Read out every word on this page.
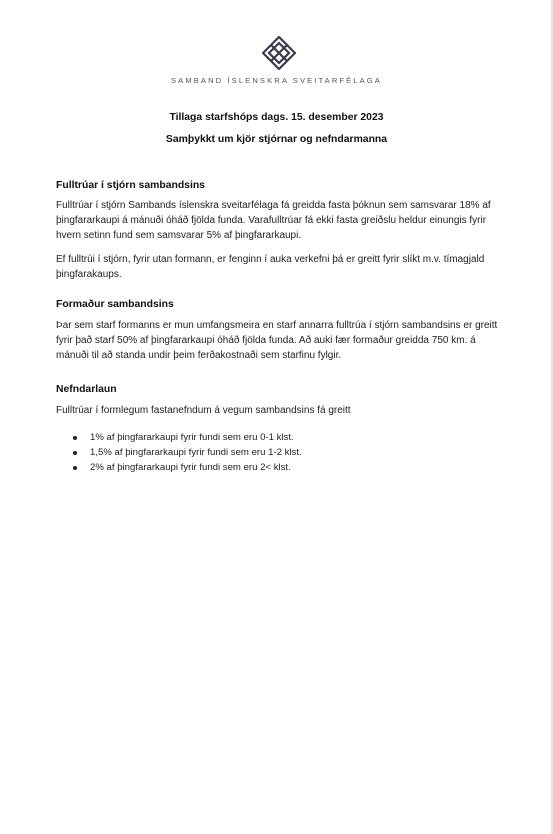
SAMBAND ÍSLENSKRA SVEITARFÉLAGA
Tillaga starfshóps dags. 15. desember 2023
Samþykkt um kjör stjórnar og nefndarmanna
Fulltrúar í stjórn sambandsins
Fulltrúar í stjórn Sambands íslenskra sveitarfélaga fá greidda fasta þóknun sem samsvarar 18% af þingfararkaupi á mánuði óháð fjölda funda. Varafulltrúar fá ekki fasta greiðslu heldur einungis fyrir hvern setinn fund sem samsvarar 5% af þingfararkaupi.
Ef fulltrúi í stjórn, fyrir utan formann, er fenginn í auka verkefni þá er greitt fyrir slíkt m.v. tímagjald þingfarakaups.
Formaður sambandsins
Þar sem starf formanns er mun umfangsmeira en starf annarra fulltrúa í stjórn sambandsins er greitt fyrir það starf 50% af þingfararkaupi óháð fjölda funda. Að auki fær formaður greidda 750 km. á mánuði til að standa undir þeim ferðakostnaði sem starfinu fylgir.
Nefndarlaun
Fulltrúar í formlegum fastanefndum á vegum sambandsins fá greitt
1% af þingfararkaupi fyrir fundi sem eru 0-1 klst.
1,5% af þingfararkaupi fyrir fundi sem eru 1-2 klst.
2% af þingfararkaupi fyrir fundi sem eru 2< klst.
